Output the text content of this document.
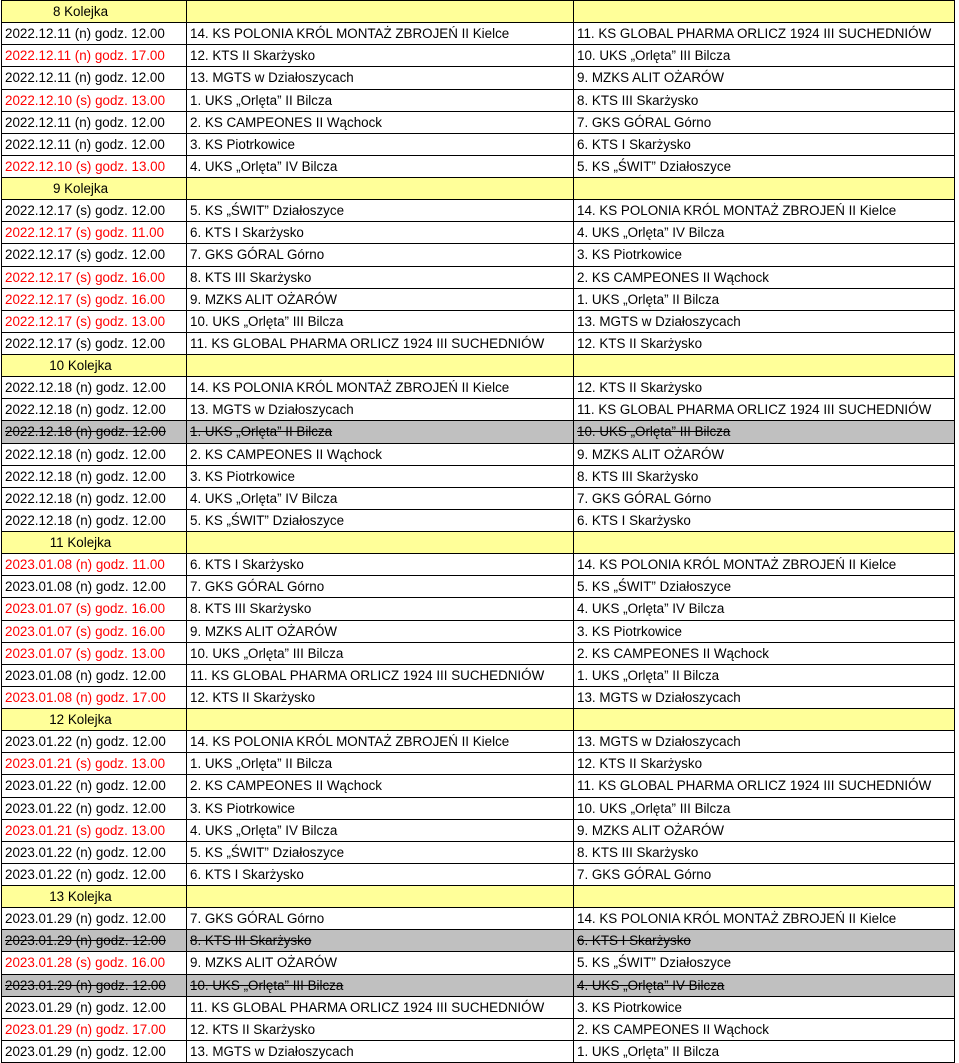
8 Kolejka		
2022.12.11 (n) godz. 12.00	14. KS POLONIA KRÓL MONTAŻ ZBROJEŃ II Kielce	11. KS GLOBAL PHARMA ORLICZ 1924 III SUCHEDNIÓW
2022.12.11 (n) godz. 17.00	12. KTS II Skarżysko	10. UKS „Orlęta” III Bilcza
2022.12.11 (n) godz. 12.00	13. MGTS w Działoszycach	9. MZKS ALIT OŻARÓW
2022.12.10 (s) godz. 13.00	1. UKS „Orlęta” II Bilcza	8. KTS III Skarżysko
2022.12.11 (n) godz. 12.00	2. KS CAMPEONES II Wąchock	7. GKS GÓRAL Górno
2022.12.11 (n) godz. 12.00	3. KS Piotrkowice	6. KTS I Skarżysko
2022.12.10 (s) godz. 13.00	4. UKS „Orlęta” IV Bilcza	5. KS „ŚWIT” Działoszyce
9 Kolejka		
2022.12.17 (s) godz. 12.00	5. KS „ŚWIT” Działoszyce	14. KS POLONIA KRÓL MONTAŻ ZBROJEŃ II Kielce
2022.12.17 (s) godz. 11.00	6. KTS I Skarżysko	4. UKS „Orlęta” IV Bilcza
2022.12.17 (s) godz. 12.00	7. GKS GÓRAL Górno	3. KS Piotrkowice
2022.12.17 (s) godz. 16.00	8. KTS III Skarżysko	2. KS CAMPEONES II Wąchock
2022.12.17 (s) godz. 16.00	9. MZKS ALIT OŻARÓW	1. UKS „Orlęta” II Bilcza
2022.12.17 (s) godz. 13.00	10. UKS „Orlęta” III Bilcza	13. MGTS w Działoszycach
2022.12.17 (s) godz. 12.00	11. KS GLOBAL PHARMA ORLICZ 1924 III SUCHEDNIÓW	12. KTS II Skarżysko
10 Kolejka		
2022.12.18 (n) godz. 12.00	14. KS POLONIA KRÓL MONTAŻ ZBROJEŃ II Kielce	12. KTS II Skarżysko
2022.12.18 (n) godz. 12.00	13. MGTS w Działoszycach	11. KS GLOBAL PHARMA ORLICZ 1924 III SUCHEDNIÓW
2022.12.18 (n) godz. 12.00	1. UKS „Orlęta” II Bilcza	10. UKS „Orlęta” III Bilcza
2022.12.18 (n) godz. 12.00	2. KS CAMPEONES II Wąchock	9. MZKS ALIT OŻARÓW
2022.12.18 (n) godz. 12.00	3. KS Piotrkowice	8. KTS III Skarżysko
2022.12.18 (n) godz. 12.00	4. UKS „Orlęta” IV Bilcza	7. GKS GÓRAL Górno
2022.12.18 (n) godz. 12.00	5. KS „ŚWIT” Działoszyce	6. KTS I Skarżysko
11 Kolejka		
2023.01.08 (n) godz. 11.00	6. KTS I Skarżysko	14. KS POLONIA KRÓL MONTAŻ ZBROJEŃ II Kielce
2023.01.08 (n) godz. 12.00	7. GKS GÓRAL Górno	5. KS „ŚWIT” Działoszyce
2023.01.07 (s) godz. 16.00	8. KTS III Skarżysko	4. UKS „Orlęta” IV Bilcza
2023.01.07 (s) godz. 16.00	9. MZKS ALIT OŻARÓW	3. KS Piotrkowice
2023.01.07 (s) godz. 13.00	10. UKS „Orlęta” III Bilcza	2. KS CAMPEONES II Wąchock
2023.01.08 (n) godz. 12.00	11. KS GLOBAL PHARMA ORLICZ 1924 III SUCHEDNIÓW	1. UKS „Orlęta” II Bilcza
2023.01.08 (n) godz. 17.00	12. KTS II Skarżysko	13. MGTS w Działoszycach
12 Kolejka		
2023.01.22 (n) godz. 12.00	14. KS POLONIA KRÓL MONTAŻ ZBROJEŃ II Kielce	13. MGTS w Działoszycach
2023.01.21 (s) godz. 13.00	1. UKS „Orlęta” II Bilcza	12. KTS II Skarżysko
2023.01.22 (n) godz. 12.00	2. KS CAMPEONES II Wąchock	11. KS GLOBAL PHARMA ORLICZ 1924 III SUCHEDNIÓW
2023.01.22 (n) godz. 12.00	3. KS Piotrkowice	10. UKS „Orlęta” III Bilcza
2023.01.21 (s) godz. 13.00	4. UKS „Orlęta” IV Bilcza	9. MZKS ALIT OŻARÓW
2023.01.22 (n) godz. 12.00	5. KS „ŚWIT” Działoszyce	8. KTS III Skarżysko
2023.01.22 (n) godz. 12.00	6. KTS I Skarżysko	7. GKS GÓRAL Górno
13 Kolejka		
2023.01.29 (n) godz. 12.00	7. GKS GÓRAL Górno	14. KS POLONIA KRÓL MONTAŻ ZBROJEŃ II Kielce
2023.01.29 (n) godz. 12.00	8. KTS III Skarżysko	6. KTS I Skarżysko
2023.01.28 (s) godz. 16.00	9. MZKS ALIT OŻARÓW	5. KS „ŚWIT” Działoszyce
2023.01.29 (n) godz. 12.00	10. UKS „Orlęta” III Bilcza	4. UKS „Orlęta” IV Bilcza
2023.01.29 (n) godz. 12.00	11. KS GLOBAL PHARMA ORLICZ 1924 III SUCHEDNIÓW	3. KS Piotrkowice
2023.01.29 (n) godz. 17.00	12. KTS II Skarżysko	2. KS CAMPEONES II Wąchock
2023.01.29 (n) godz. 12.00	13. MGTS w Działoszycach	1. UKS „Orlęta” II Bilcza
